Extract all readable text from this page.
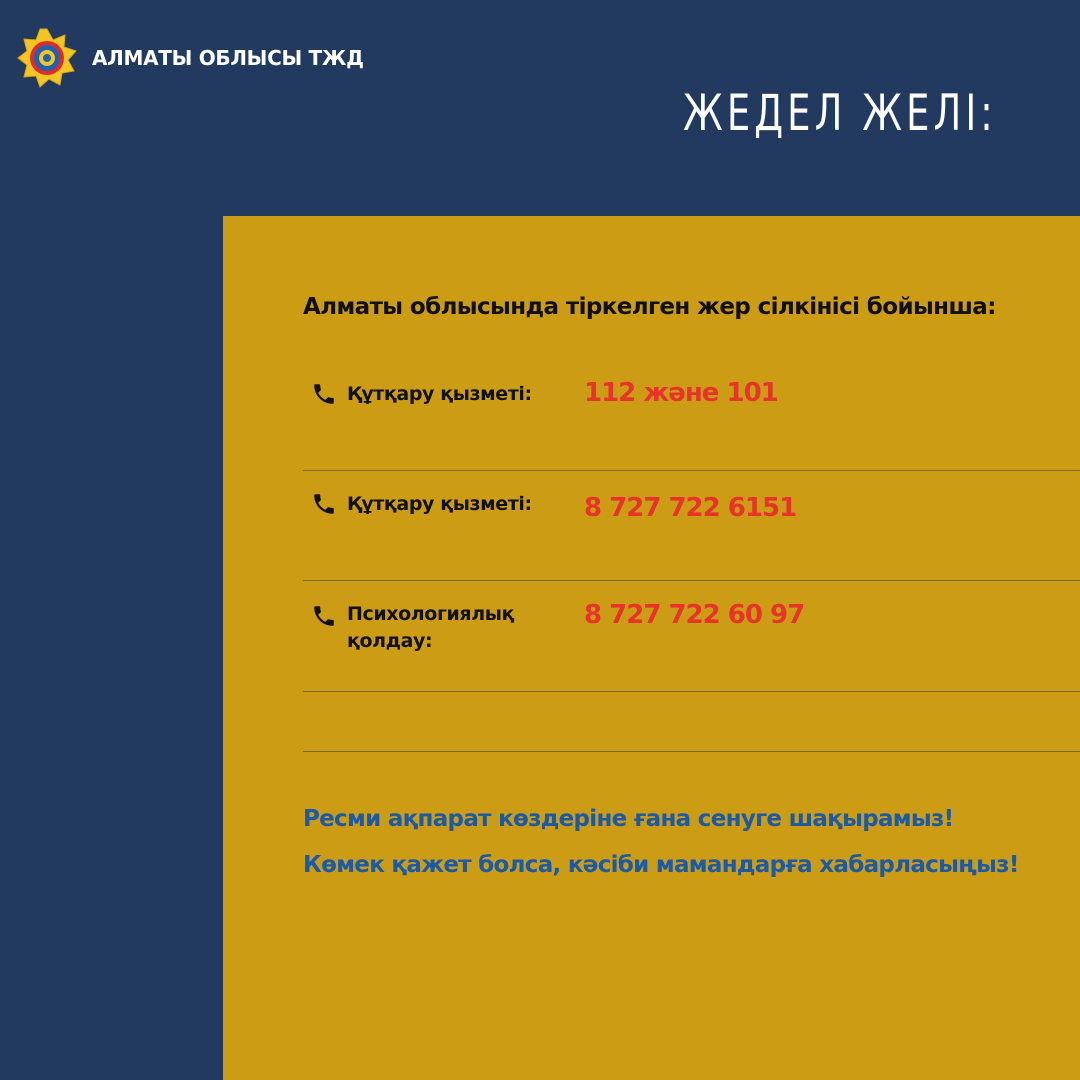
АЛМАТЫ ОБЛЫСЫ ТЖД
ЖЕДЕЛ ЖЕЛІ:
Алматы облысында тіркелген жер сілкінісі бойынша:
Құтқару қызметі:	112 және 101
Құтқару қызметі:	8 727 722 6151
Психологиялық қолдау:
8 727 722 60 97
Ресми ақпарат көздеріне ғана сенуге шақырамыз!
Көмек қажет болса, кәсіби мамандарға хабарласыңыз!
